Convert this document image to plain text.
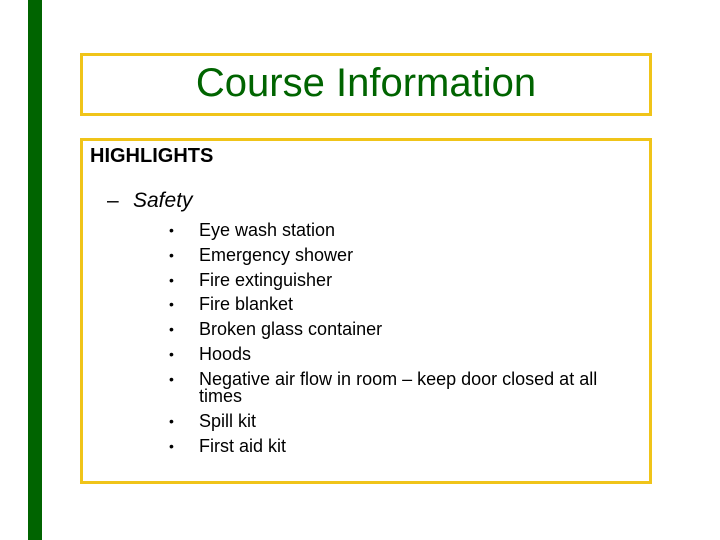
Course Information
HIGHLIGHTS
– Safety
•	Eye wash station
•	Emergency shower
•	Fire extinguisher
•	Fire blanket
•	Broken glass container
•	Hoods
•	Negative air flow in room – keep door closed at all times
•	Spill kit
•	First aid kit
